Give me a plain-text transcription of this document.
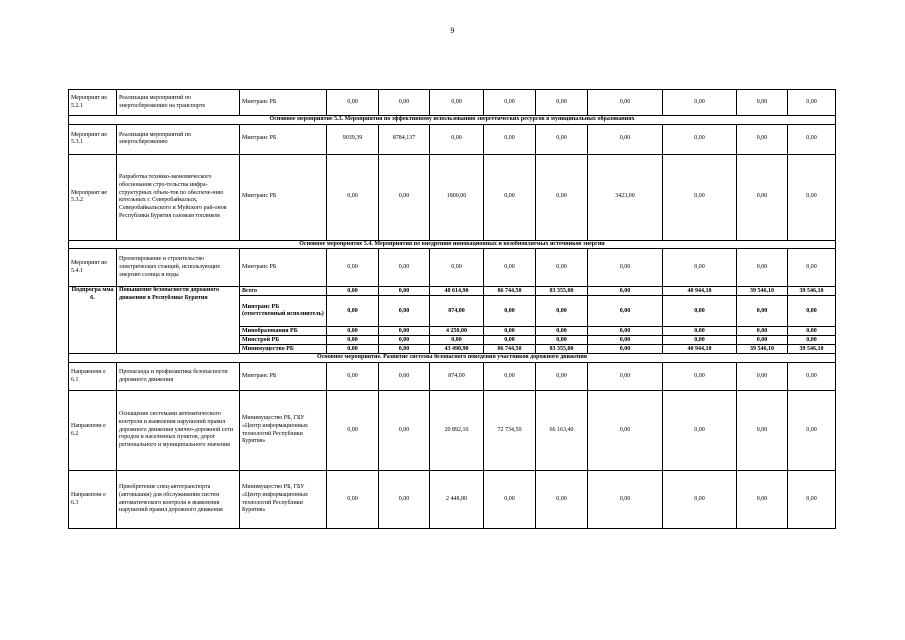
9
Мероприят ие 5.2.1	Реализация мероприятий по энергосбережению на транспорте	Минтранс РБ	0,00	0,00	0,00	0,00	0,00	0,00	0,00	0,00	0,00
Основное мероприятие 5.3. Мероприятия по эффективному использованию энергетических ресурсов в муниципальных образованиях											
Мероприят ие 5.3.1	Реализация мероприятий по энергосбережению	Минтранс РБ	9039,39	8784,137	0,00	0,00	0,00	0,00	0,00	0,00	0,00
Мероприят ие 5.3.2	Разработка технико-экономического обоснования стро-тельства инфра-структурных объек-тов по обеспече-нию котельных г. Северобайкальск, Северобайкальского и Муйского рай-онов Республики Бурятия газовым топливом	Минтранс РБ	0,00	0,00	1800,00	0,00	0,00	3423,00	0,00	0,00	0,00
Основное мероприятие 5.4. Мероприятия по внедрению инновационных и возобновляемых источников энергии											
Мероприят ие 5.4.1	Проектирование и строительство электрических станций, использующих энергию солнца и воды	Минтранс РБ	0,00	0,00	0,00	0,00	0,00	0,00	0,00	0,00	0,00
Подпрогра мма 6.	Повышение безопасности дорожного движения в Республике Бурятия	Всего	0,00	0,00	48 614,90	86 744,50	83 355,00	0,00	40 944,10	39 546,10	39 546,10
		Минтранс РБ (ответственный исполнитель)	0,00	0,00	874,00	0,00	0,00	0,00	0,00	0,00	0,00
		Минобразования РБ	0,00	0,00	4 250,00	0,00	0,00	0,00	0,00	0,00	0,00
		Минстрой РБ	0,00	0,00	0,00	0,00	0,00	0,00	0,00	0,00	0,00
		Минимущество РБ	0,00	0,00	43 490,90	86 744,50	83 355,00	0,00	40 944,10	39 546,10	39 546,10
Основное мероприятие. Развитие системы безопасного поведения участников дорожного движения											
Направлени е 6.1	Пропаганда и профилактика безопасности дорожного движения	Минтранс РБ	0,00	0,00	874,00	0,00	0,00	0,00	0,00	0,00	0,00
Направлени е 6.2	Оснащение системами автоматического контроля и выявления нарушений правил дорожного движения улично-дорожной сети городов и населенных пунктов, дорог регионального и муниципального значения	Минимущество РБ, ГБУ «Центр информационных технологий Республики Бурятия»	0,00	0,00	20 892,10	72 734,50	66 163,40	0,00	0,00	0,00	0,00
Направлени е 6.3	Приобретение спец-автотранспорта (автовышки) для обслуживания систем автоматического контроля и выявления нарушений правил дорожного движения	Минимущество РБ, ГБУ «Центр информационных технологий Республики Бурятия»	0,00	0,00	2 448,80	0,00	0,00	0,00	0,00	0,00	0,00
